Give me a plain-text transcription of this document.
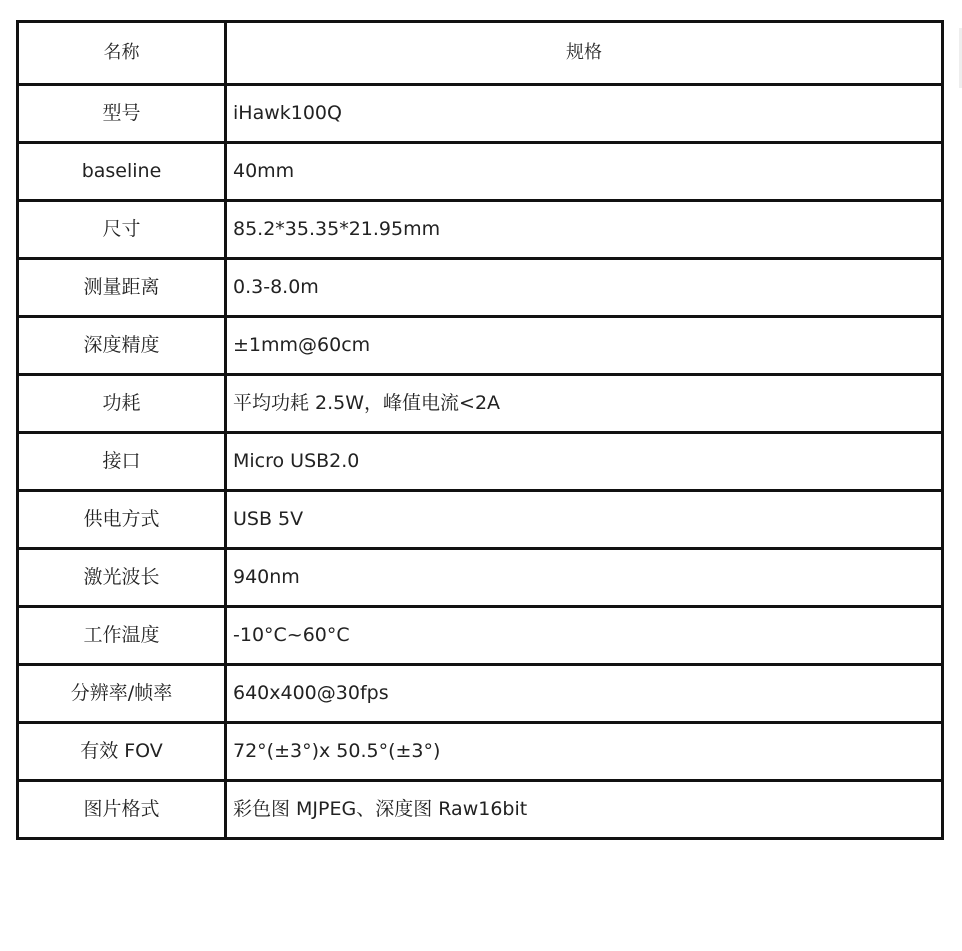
名称	规格
型号	iHawk100Q
baseline	40mm
尺寸	85.2*35.35*21.95mm
测量距离	0.3-8.0m
深度精度	±1mm@60cm
功耗	平均功耗 2.5W，峰值电流<2A
接口	Micro USB2.0
供电方式	USB 5V
激光波长	940nm
工作温度	-10°C~60°C
分辨率/帧率	640x400@30fps
有效 FOV	72°(±3°)x 50.5°(±3°)
图片格式	彩色图 MJPEG、深度图 Raw16bit
